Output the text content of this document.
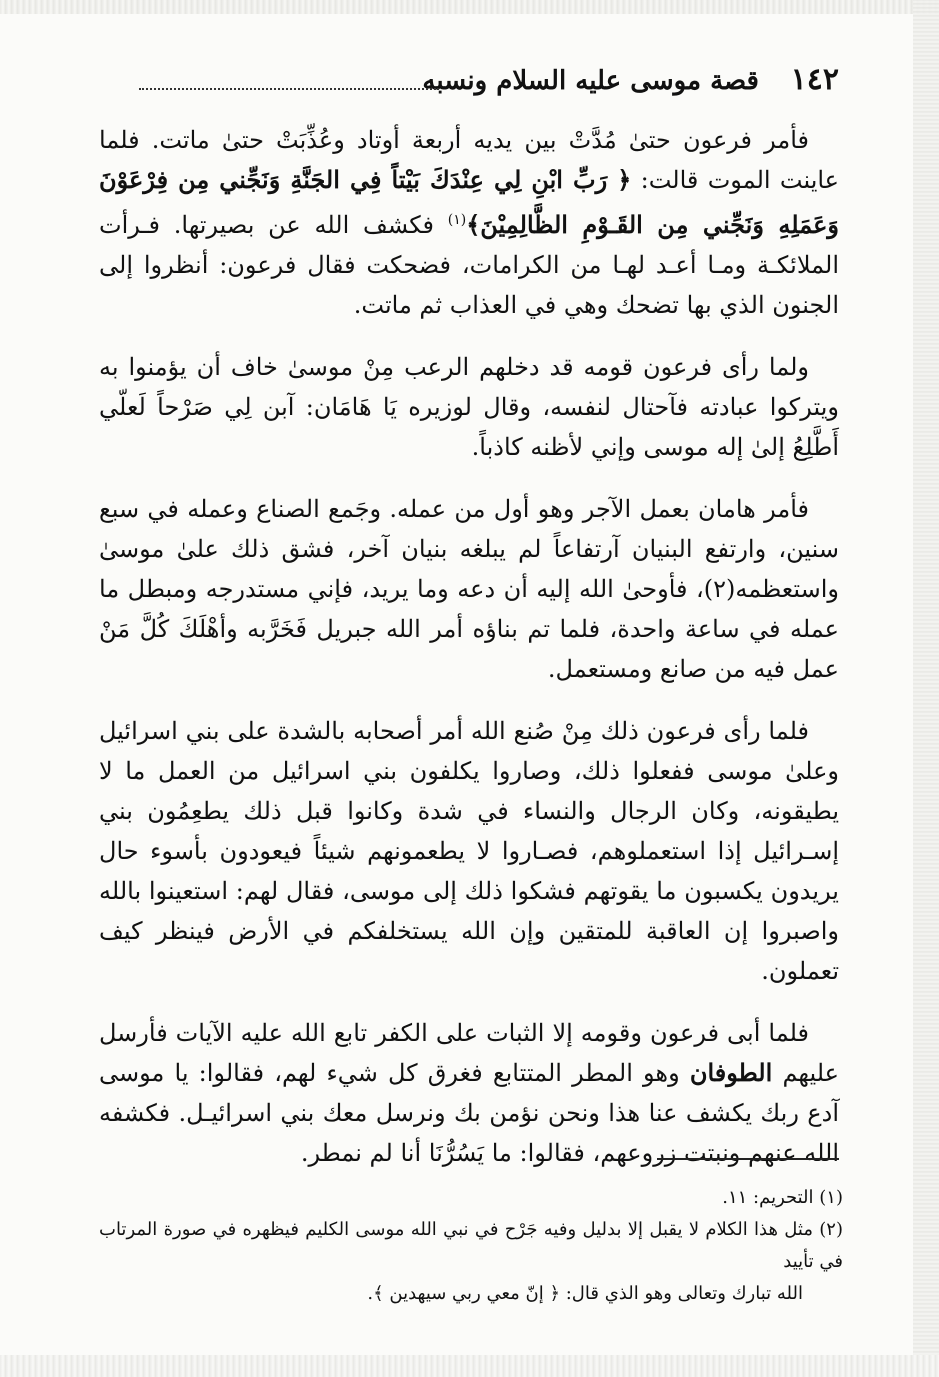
١٤٢
قصة موسى عليه السلام ونسبه

فأمر فرعون حتىٰ مُدَّتْ بين يديه أربعة أوتاد وعُذِّبَتْ حتىٰ ماتت. فلما عاينت الموت قالت: ﴿ رَبِّ ابْنِ لِي عِنْدَكَ بَيْتاً فِي الجَنَّةِ وَنَجِّني مِن فِرْعَوْنَ وَعَمَلِهِ وَنَجِّني مِن القَـوْمِ الظَّالِمِيْنَ﴾$^{(١)}$ فكشف الله عن بصيرتها. فـرأت الملائكـة ومـا أعـد لهـا من الكرامات، فضحكت فقال فرعون: أنظروا إلى الجنون الذي بها تضحك وهي في العذاب ثم ماتت.

ولما رأى فرعون قومه قد دخلهم الرعب مِنْ موسىٰ خاف أن يؤمنوا به ويتركوا عبادته فآحتال لنفسه، وقال لوزيره يَا هَامَان: آبن لِي صَرْحاً لَعلّي أَطَّلِعُ إلىٰ إله موسى وإني لأظنه كاذباً.

فأمر هامان بعمل الآجر وهو أول من عمله. وجَمع الصناع وعمله في سبع سنين، وارتفع البنيان آرتفاعاً لم يبلغه بنيان آخر، فشق ذلك علىٰ موسىٰ واستعظمه(٢)، فأوحىٰ الله إليه أن دعه وما يريد، فإني مستدرجه ومبطل ما عمله في ساعة واحدة، فلما تم بناؤه أمر الله جبريل فَخَرَّبه وأهْلَكَ كُلَّ مَنْ عمل فيه من صانع ومستعمل.

فلما رأى فرعون ذلك مِنْ صُنع الله أمر أصحابه بالشدة على بني اسرائيل وعلىٰ موسى ففعلوا ذلك، وصاروا يكلفون بني اسرائيل من العمل ما لا يطيقونه، وكان الرجال والنساء في شدة وكانوا قبل ذلك يطعِمُون بني إسـرائيل إذا استعملوهم، فصـاروا لا يطعمونهم شيئاً فيعودون بأسوء حال يريدون يكسبون ما يقوتهم فشكوا ذلك إلى موسى، فقال لهم: استعينوا بالله واصبروا إن العاقبة للمتقين وإن الله يستخلفكم في الأرض فينظر كيف تعملون.

فلما أبى فرعون وقومه إلا الثبات على الكفر تابع الله عليه الآيات فأرسل عليهم الطوفان وهو المطر المتتابع فغرق كل شيء لهم، فقالوا: يا موسى آدع ربك يكشف عنا هذا ونحن نؤمن بك ونرسل معك بني اسرائيـل. فكشفه الله عنهم ونبتت زروعهم، فقالوا: ما يَسُرُّنَا أنا لم نمطر.

(١) التحريم: ١١.

(٢) مثل هذا الكلام لا يقبل إلا بدليل وفيه جَرْح في نبي الله موسى الكليم فيظهره في صورة المرتاب في تأييد

الله تبارك وتعالى وهو الذي قال: ﴿ إنّ معي ربي سيهدين ﴾.
